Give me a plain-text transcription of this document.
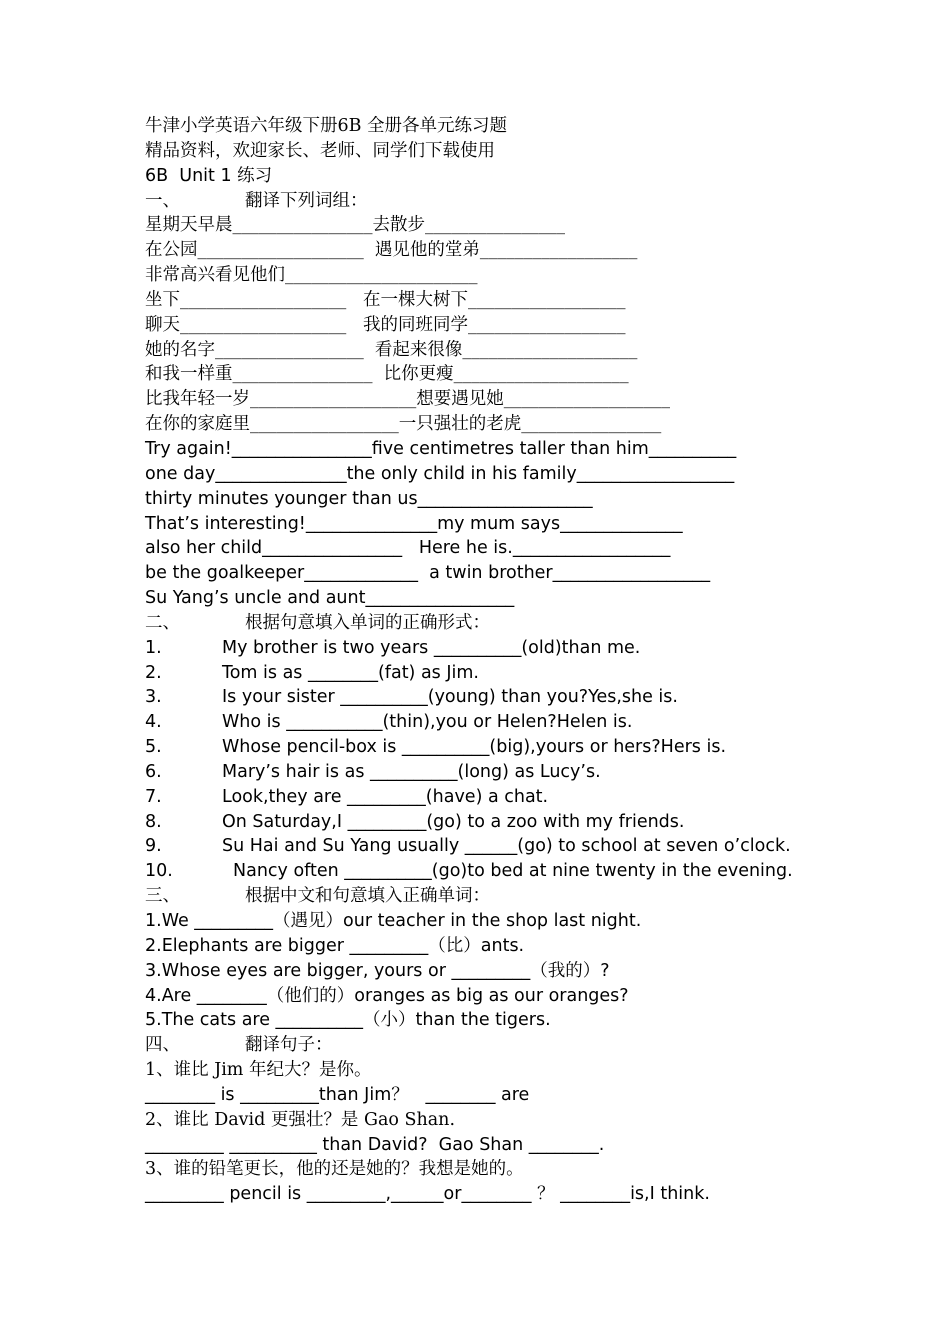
牛津小学英语六年级下册6B 全册各单元练习题
精品资料，欢迎家长、老师、同学们下载使用
6B  Unit 1 练习
一、	翻译下列词组：
星期天早晨________________去散步________________
在公园___________________  遇见他的堂弟__________________
非常高兴看见他们______________________
坐下___________________   在一棵大树下__________________
聊天___________________   我的同班同学__________________
她的名字_________________  看起来很像____________________
和我一样重________________  比你更瘦____________________
比我年轻一岁___________________想要遇见她___________________
在你的家庭里_________________一只强壮的老虎________________
Try again!________________five centimetres taller than him__________
one day_______________the only child in his family__________________
thirty minutes younger than us____________________
That’s interesting!_______________my mum says______________
also her child________________   Here he is.__________________
be the goalkeeper_____________  a twin brother__________________
Su Yang’s uncle and aunt_________________
二、	根据句意填入单词的正确形式：
1.	My brother is two years __________(old)than me.
2.	Tom is as ________(fat) as Jim.
3.	Is your sister __________(young) than you?Yes,she is.
4.	Who is ___________(thin),you or Helen?Helen is.
5.	Whose pencil-box is __________(big),yours or hers?Hers is.
6.	Mary’s hair is as __________(long) as Lucy’s.
7.	Look,they are _________(have) a chat.
8.	On Saturday,I _________(go) to a zoo with my friends.
9.	Su Hai and Su Yang usually ______(go) to school at seven o’clock.
10.	Nancy often __________(go)to bed at nine twenty in the evening.
三、	根据中文和句意填入正确单词：
1.We _________（遇见）our teacher in the shop last night.
2.Elephants are bigger _________（比）ants.
3.Whose eyes are bigger, yours or _________（我的）?
4.Are ________（他们的）oranges as big as our oranges?
5.The cats are __________（小）than the tigers.
四、	翻译句子：
1、谁比 Jim 年纪大？是你。
________ is _________than Jim？   ________ are
2、谁比 David 更强壮？是 Gao Shan.
_________ __________ than David?  Gao Shan ________.
3、谁的铅笔更长，他的还是她的？我想是她的。
_________ pencil is _________,______or________ ？ ________is,I think.
